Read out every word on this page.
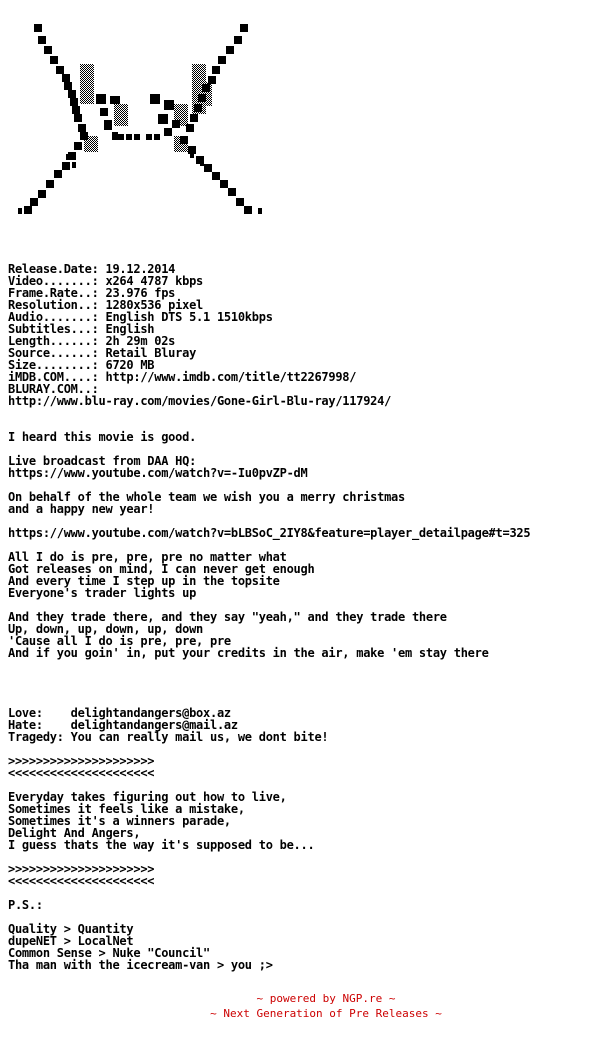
Release.Date: 19.12.2014
Video.......: x264 4787 kbps
Frame.Rate..: 23.976 fps
Resolution..: 1280x536 pixel
Audio.......: English DTS 5.1 1510kbps
Subtitles...: English
Length......: 2h 29m 02s
Source......: Retail Bluray
Size........: 6720 MB
iMDB.COM....: http://www.imdb.com/title/tt2267998/
BLURAY.COM..:
http://www.blu-ray.com/movies/Gone-Girl-Blu-ray/117924/
I heard this movie is good.
Live broadcast from DAA HQ:
https://www.youtube.com/watch?v=-Iu0pvZP-dM
On behalf of the whole team we wish you a merry christmas
and a happy new year!
https://www.youtube.com/watch?v=bLBSoC_2IY8&feature=player_detailpage#t=325
All I do is pre, pre, pre no matter what
Got releases on mind, I can never get enough
And every time I step up in the topsite
Everyone's trader lights up
And they trade there, and they say "yeah," and they trade there
Up, down, up, down, up, down
'Cause all I do is pre, pre, pre
And if you goin' in, put your credits in the air, make 'em stay there
Love:    delightandangers@box.az
Hate:    delightandangers@mail.az
Tragedy: You can really mail us, we dont bite!
>>>>>>>>>>>>>>>>>>>>>
<<<<<<<<<<<<<<<<<<<<<
Everyday takes figuring out how to live,
Sometimes it feels like a mistake,
Sometimes it's a winners parade,
Delight And Angers,
I guess thats the way it's supposed to be...
>>>>>>>>>>>>>>>>>>>>>
<<<<<<<<<<<<<<<<<<<<<
P.S.:
Quality > Quantity
dupeNET > LocalNet
Common Sense > Nuke "Council"
Tha man with the icecream-van > you ;>
~ powered by NGP.re ~
~ Next Generation of Pre Releases ~
